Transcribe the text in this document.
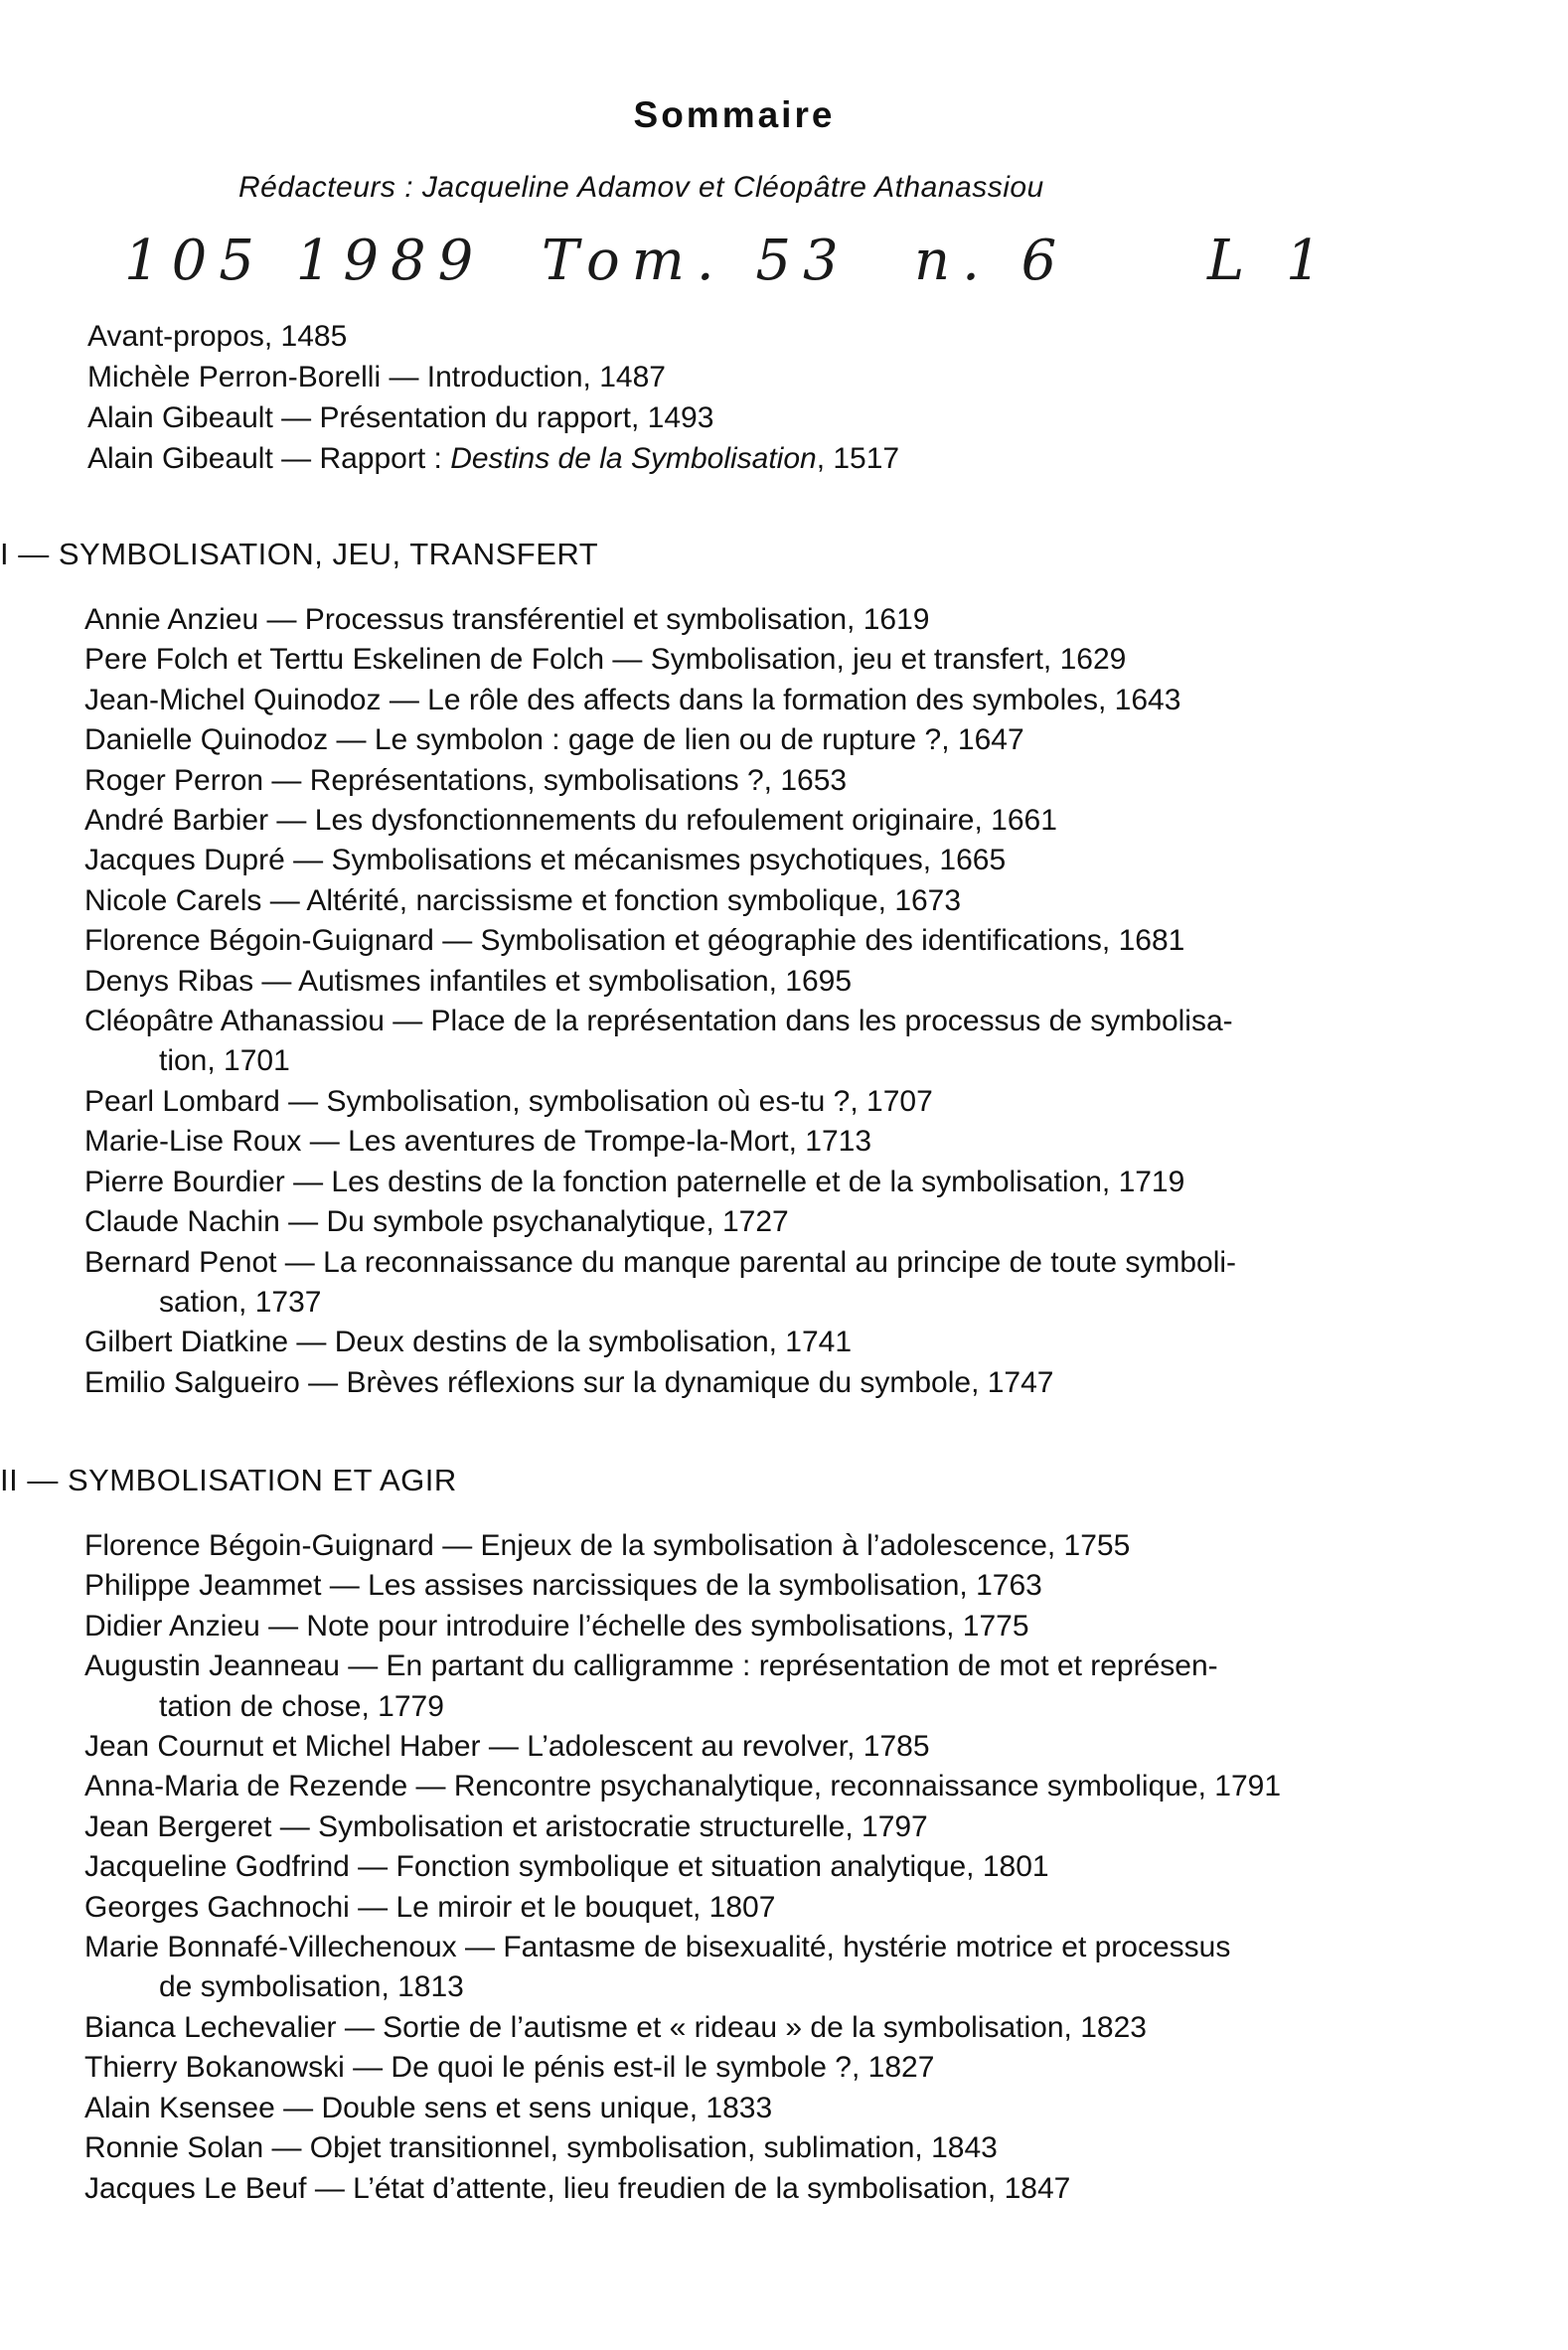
Sommaire
Rédacteurs : Jacqueline Adamov et Cléopâtre Athanassiou
105 1989 Tom. 53 n. 6 L 1
Avant-propos, 1485
Michèle Perron-Borelli — Introduction, 1487
Alain Gibeault — Présentation du rapport, 1493
Alain Gibeault — Rapport : Destins de la Symbolisation, 1517
I — SYMBOLISATION, JEU, TRANSFERT
Annie Anzieu — Processus transférentiel et symbolisation, 1619
Pere Folch et Terttu Eskelinen de Folch — Symbolisation, jeu et transfert, 1629
Jean-Michel Quinodoz — Le rôle des affects dans la formation des symboles, 1643
Danielle Quinodoz — Le symbolon : gage de lien ou de rupture ?, 1647
Roger Perron — Représentations, symbolisations ?, 1653
André Barbier — Les dysfonctionnements du refoulement originaire, 1661
Jacques Dupré — Symbolisations et mécanismes psychotiques, 1665
Nicole Carels — Altérité, narcissisme et fonction symbolique, 1673
Florence Bégoin-Guignard — Symbolisation et géographie des identifications, 1681
Denys Ribas — Autismes infantiles et symbolisation, 1695
Cléopâtre Athanassiou — Place de la représentation dans les processus de symbolisa-
tion, 1701
Pearl Lombard — Symbolisation, symbolisation où es-tu ?, 1707
Marie-Lise Roux — Les aventures de Trompe-la-Mort, 1713
Pierre Bourdier — Les destins de la fonction paternelle et de la symbolisation, 1719
Claude Nachin — Du symbole psychanalytique, 1727
Bernard Penot — La reconnaissance du manque parental au principe de toute symboli-
sation, 1737
Gilbert Diatkine — Deux destins de la symbolisation, 1741
Emilio Salgueiro — Brèves réflexions sur la dynamique du symbole, 1747
II — SYMBOLISATION ET AGIR
Florence Bégoin-Guignard — Enjeux de la symbolisation à l’adolescence, 1755
Philippe Jeammet — Les assises narcissiques de la symbolisation, 1763
Didier Anzieu — Note pour introduire l’échelle des symbolisations, 1775
Augustin Jeanneau — En partant du calligramme : représentation de mot et représen-
tation de chose, 1779
Jean Cournut et Michel Haber — L’adolescent au revolver, 1785
Anna-Maria de Rezende — Rencontre psychanalytique, reconnaissance symbolique, 1791
Jean Bergeret — Symbolisation et aristocratie structurelle, 1797
Jacqueline Godfrind — Fonction symbolique et situation analytique, 1801
Georges Gachnochi — Le miroir et le bouquet, 1807
Marie Bonnafé-Villechenoux — Fantasme de bisexualité, hystérie motrice et processus
de symbolisation, 1813
Bianca Lechevalier — Sortie de l’autisme et « rideau » de la symbolisation, 1823
Thierry Bokanowski — De quoi le pénis est-il le symbole ?, 1827
Alain Ksensee — Double sens et sens unique, 1833
Ronnie Solan — Objet transitionnel, symbolisation, sublimation, 1843
Jacques Le Beuf — L’état d’attente, lieu freudien de la symbolisation, 1847
